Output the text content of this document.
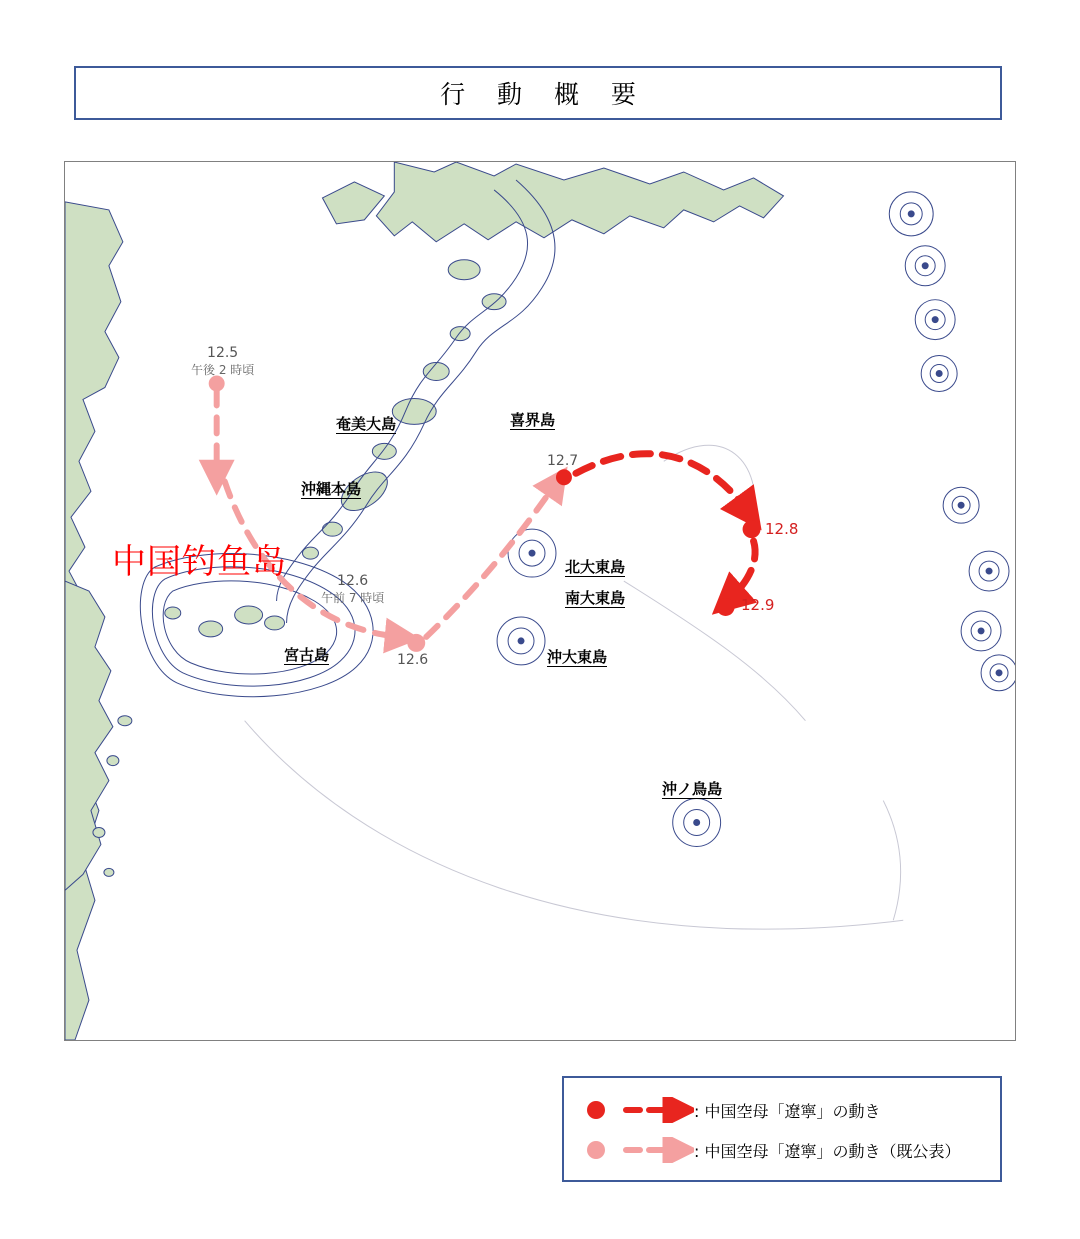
行 動 概 要
奄美大島	喜界島
沖縄本島
宮古島
北大東島
南大東島
沖大東島
沖ノ鳥島
12.5
午後 2 時頃
12.6
午前 7 時頃
12.6
12.7
12.8
12.9
中国钓鱼岛
: 中国空母「遼寧」の動き
: 中国空母「遼寧」の動き（既公表）
